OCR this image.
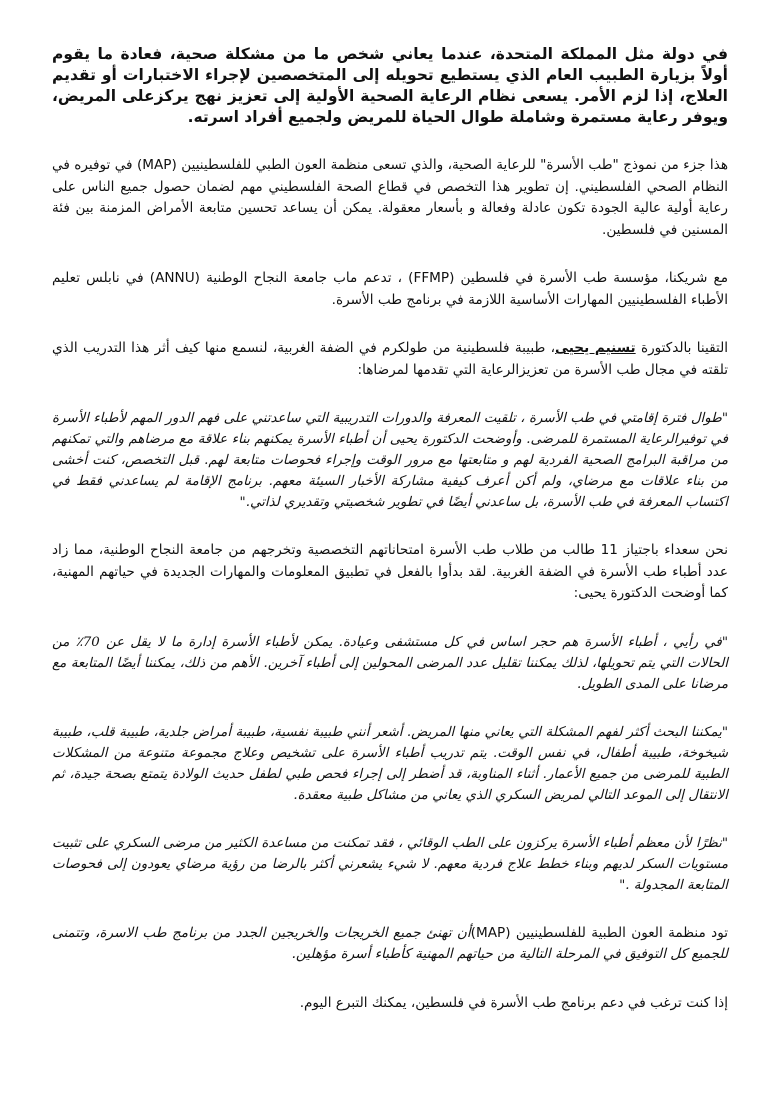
في دولة مثل المملكة المتحدة، عندما يعاني شخص ما من مشكلة صحية، فعادة ما يقوم أولاً بزيارة الطبيب العام الذي يستطيع تحويله إلى المتخصصين لإجراء الاختبارات أو تقديم العلاج، إذا لزم الأمر. يسعى نظام الرعاية الصحية الأولية إلى تعزيز نهج يركزعلى المريض، ويوفر رعاية مستمرة وشاملة طوال الحياة للمريض ولجميع أفراد اسرته.

هذا جزء من نموذج "طب الأسرة" للرعاية الصحية، والذي تسعى منظمة العون الطبي للفلسطينيين (MAP) في توفيره في النظام الصحي الفلسطيني. إن تطوير هذا التخصص في قطاع الصحة الفلسطيني مهم لضمان حصول جميع الناس على رعاية أولية عالية الجودة تكون عادلة وفعالة و بأسعار معقولة. يمكن أن يساعد تحسين متابعة الأمراض المزمنة بين فئة المسنين في فلسطين.

مع شريكنا، مؤسسة طب الأسرة في فلسطين (FFMP) ، تدعم ماب جامعة النجاح الوطنية (ANNU) في نابلس تعليم الأطباء الفلسطينيين المهارات الأساسية اللازمة في برنامج طب الأسرة.

التقينا بالدكتورة تسنيم يحيى، طبيبة فلسطينية من طولكرم في الضفة الغربية، لنسمع منها كيف أثر هذا التدريب الذي تلقته في مجال طب الأسرة من تعزيزالرعاية التي تقدمها لمرضاها:

"طوال فترة إقامتي في طب الأسرة ، تلقيت المعرفة والدورات التدريبية التي ساعدتني على فهم الدور المهم لأطباء الأسرة في توفيرالرعاية المستمرة للمرضى. وأوضحت الدكتورة يحيى أن أطباء الأسرة يمكنهم بناء علاقة مع مرضاهم والتي تمكنهم من مراقبة البرامج الصحية الفردية لهم و متابعتها مع مرور الوقت وإجراء فحوصات متابعة لهم. قبل التخصص، كنت أخشى من بناء علاقات مع مرضاي، ولم أكن أعرف كيفية مشاركة الأخبار السيئة معهم. برنامج الإقامة لم يساعدني فقط في اكتساب المعرفة في طب الأسرة، بل ساعدني أيضًا في تطوير شخصيتي وتقديري لذاتي."

نحن سعداء باجتياز 11 طالب من طلاب طب الأسرة امتحاناتهم التخصصية وتخرجهم من جامعة النجاح الوطنية، مما زاد عدد أطباء طب الأسرة في الضفة الغربية. لقد بدأوا بالفعل في تطبيق المعلومات والمهارات الجديدة في حياتهم المهنية، كما أوضحت الدكتورة يحيى:

"في رأيي ، أطباء الأسرة هم حجر اساس في كل مستشفى وعيادة. يمكن لأطباء الأسرة إدارة ما لا يقل عن 70٪ من الحالات التي يتم تحويلها، لذلك يمكننا تقليل عدد المرضى المحولين إلى أطباء آخرين. الأهم من ذلك، يمكننا أيضًا المتابعة مع مرضانا على المدى الطويل.

"يمكننا البحث أكثر لفهم المشكلة التي يعاني منها المريض. أشعر أنني طبيبة نفسية، طبيبة أمراض جلدية، طبيبة قلب، طبيبة شيخوخة، طبيبة أطفال، في نفس الوقت. يتم تدريب أطباء الأسرة على تشخيص وعلاج مجموعة متنوعة من المشكلات الطبية للمرضى من جميع الأعمار. أثناء المناوبة، قد أضطر إلى إجراء فحص طبي لطفل حديث الولادة يتمتع بصحة جيدة، ثم الانتقال إلى الموعد التالي لمريض السكري الذي يعاني من مشاكل طبية معقدة.

"نظرًا لأن معظم أطباء الأسرة يركزون على الطب الوقائي ، فقد تمكنت من مساعدة الكثير من مرضى السكري على تثبيت مستويات السكر لديهم وبناء خطط علاج فردية معهم. لا شيء يشعرني أكثر بالرضا من رؤية مرضاي يعودون إلى فحوصات المتابعة المجدولة ."

تود منظمة العون الطبية للفلسطينيين (MAP)أن تهنئ جميع الخريجات والخريجين الجدد من برنامج طب الاسرة، وتتمنى للجميع كل التوفيق في المرحلة التالية من حياتهم المهنية كأطباء أسرة مؤهلين.

إذا كنت ترغب في دعم برنامج طب الأسرة في فلسطين، يمكنك التبرع اليوم.
